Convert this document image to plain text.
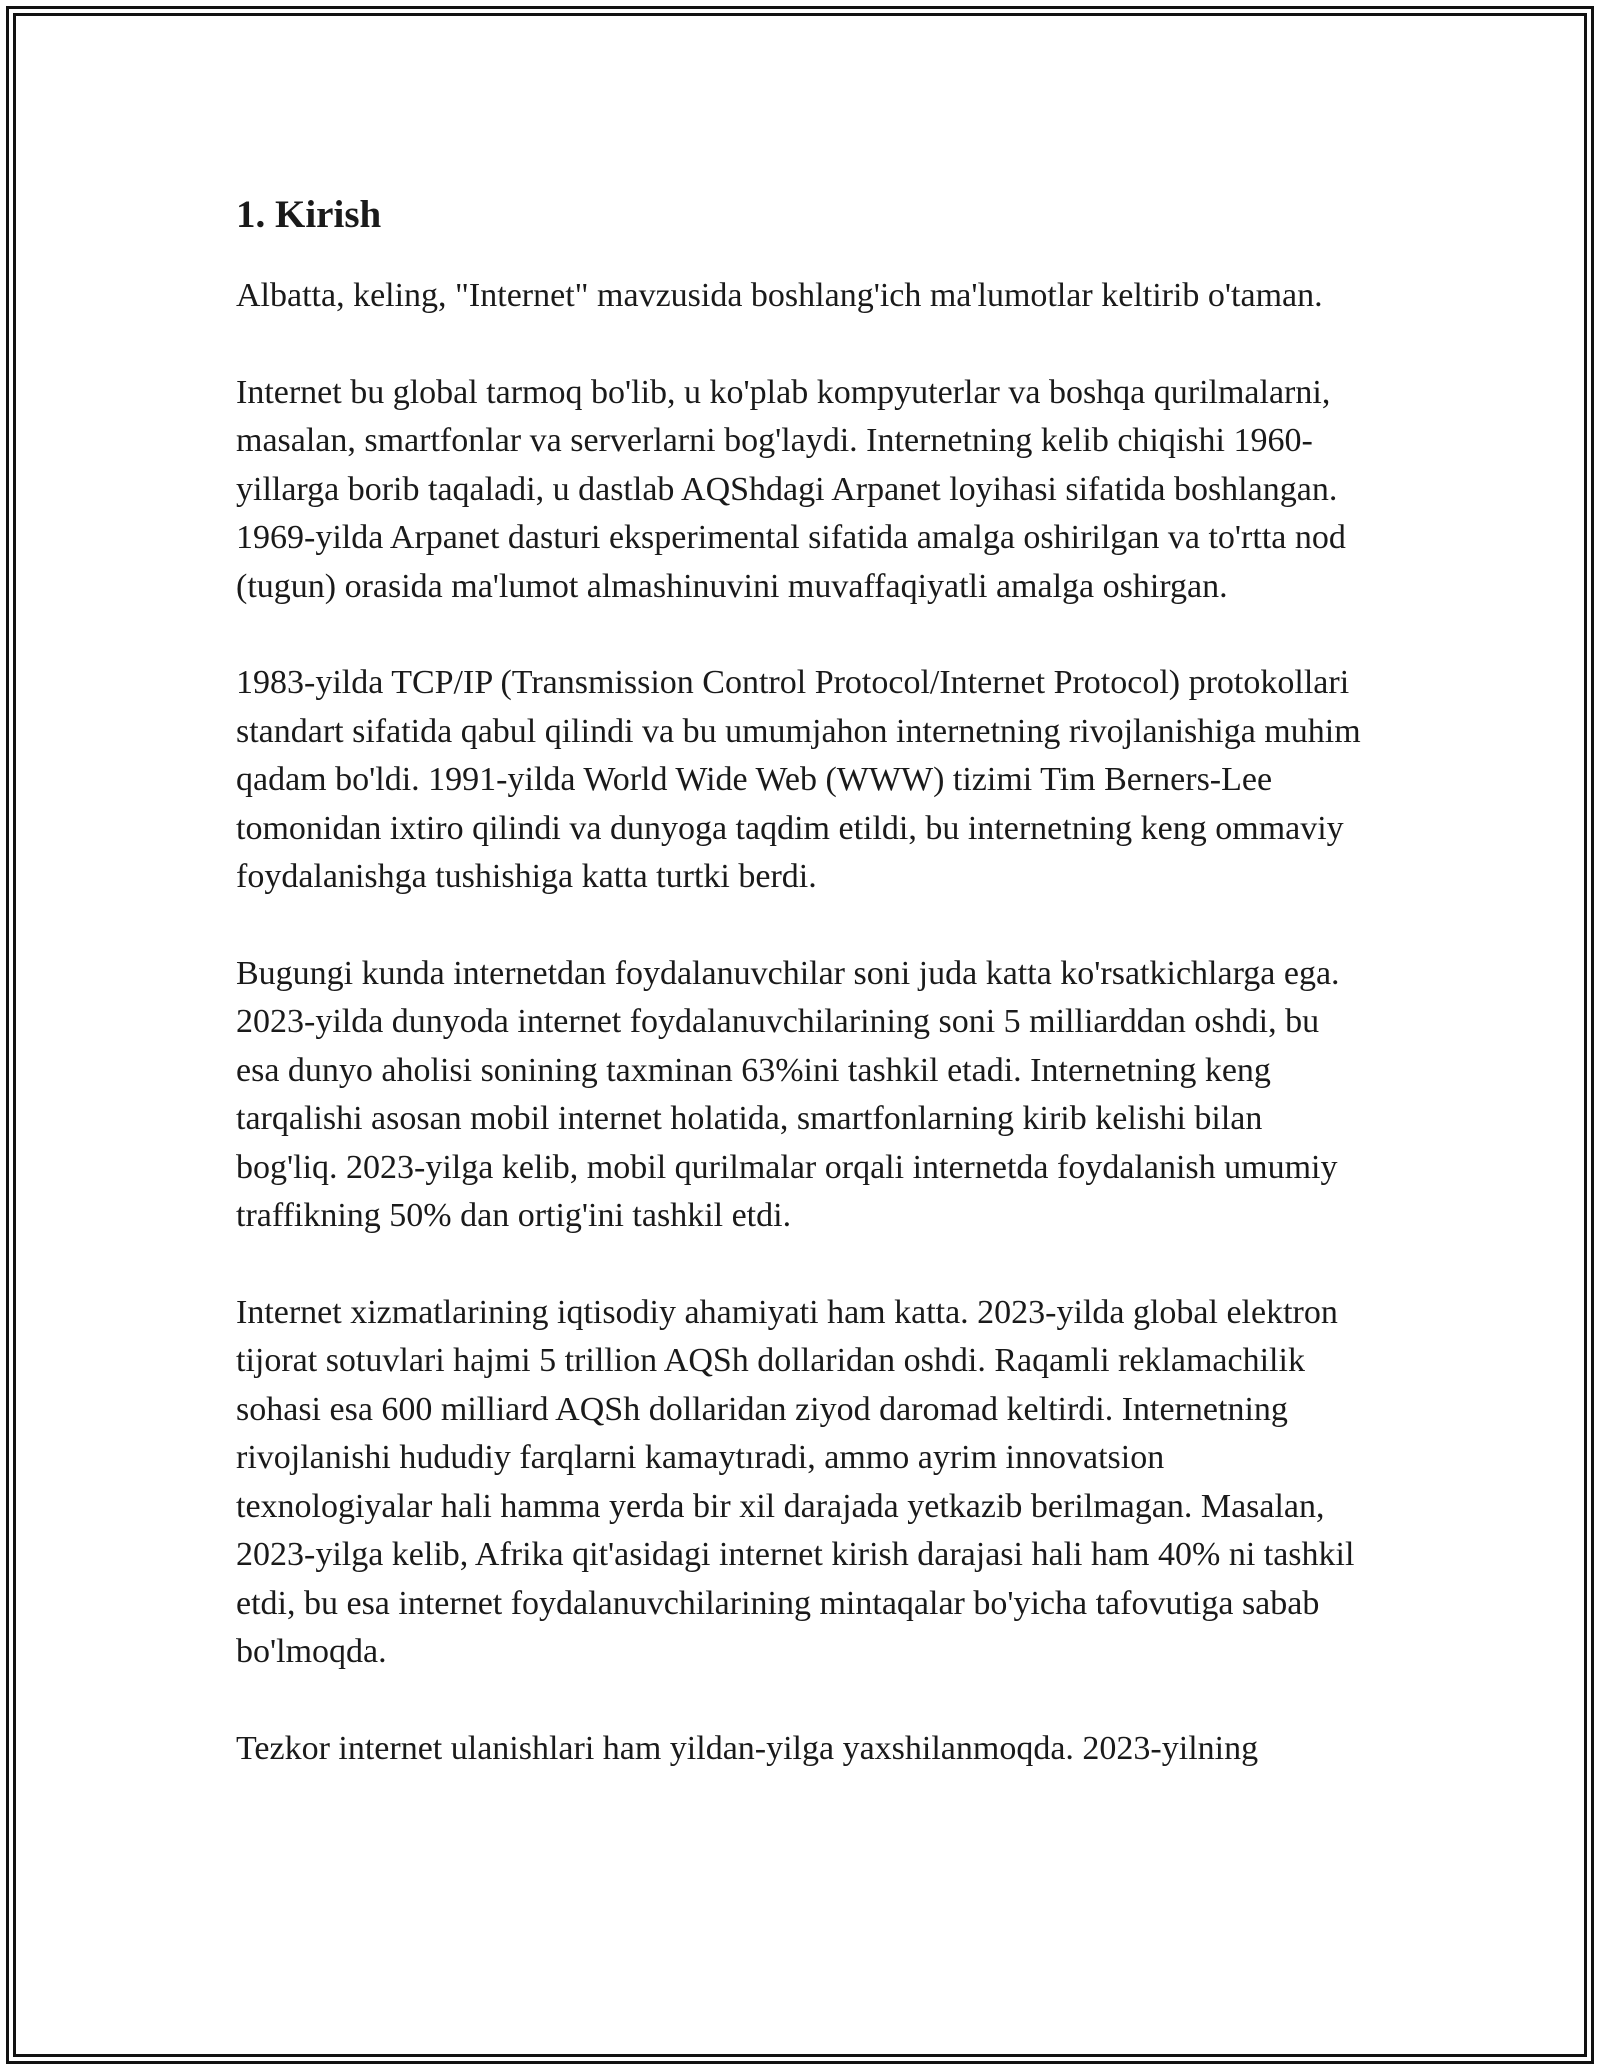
1. Kirish

Albatta, keling, "Internet" mavzusida boshlang'ich ma'lumotlar keltirib o'taman.

Internet bu global tarmoq bo'lib, u ko'plab kompyuterlar va boshqa qurilmalarni, masalan, smartfonlar va serverlarni bog'laydi. Internetning kelib chiqishi 1960-yillarga borib taqaladi, u dastlab AQShdagi Arpanet loyihasi sifatida boshlangan. 1969-yilda Arpanet dasturi eksperimental sifatida amalga oshirilgan va to'rtta nod (tugun) orasida ma'lumot almashinuvini muvaffaqiyatli amalga oshirgan.

1983-yilda TCP/IP (Transmission Control Protocol/Internet Protocol) protokollari standart sifatida qabul qilindi va bu umumjahon internetning rivojlanishiga muhim qadam bo'ldi. 1991-yilda World Wide Web (WWW) tizimi Tim Berners-Lee tomonidan ixtiro qilindi va dunyoga taqdim etildi, bu internetning keng ommaviy foydalanishga tushishiga katta turtki berdi.

Bugungi kunda internetdan foydalanuvchilar soni juda katta ko'rsatkichlarga ega. 2023-yilda dunyoda internet foydalanuvchilarining soni 5 milliarddan oshdi, bu esa dunyo aholisi sonining taxminan 63%ini tashkil etadi. Internetning keng tarqalishi asosan mobil internet holatida, smartfonlarning kirib kelishi bilan bog'liq. 2023-yilga kelib, mobil qurilmalar orqali internetda foydalanish umumiy traffikning 50% dan ortig'ini tashkil etdi.

Internet xizmatlarining iqtisodiy ahamiyati ham katta. 2023-yilda global elektron tijorat sotuvlari hajmi 5 trillion AQSh dollaridan oshdi. Raqamli reklamachilik sohasi esa 600 milliard AQSh dollaridan ziyod daromad keltirdi. Internetning rivojlanishi hududiy farqlarni kamaytıradi, ammo ayrim innovatsion texnologiyalar hali hamma yerda bir xil darajada yetkazib berilmagan. Masalan, 2023-yilga kelib, Afrika qit'asidagi internet kirish darajasi hali ham 40% ni tashkil etdi, bu esa internet foydalanuvchilarining mintaqalar bo'yicha tafovutiga sabab bo'lmoqda.

Tezkor internet ulanishlari ham yildan-yilga yaxshilanmoqda. 2023-yilning
